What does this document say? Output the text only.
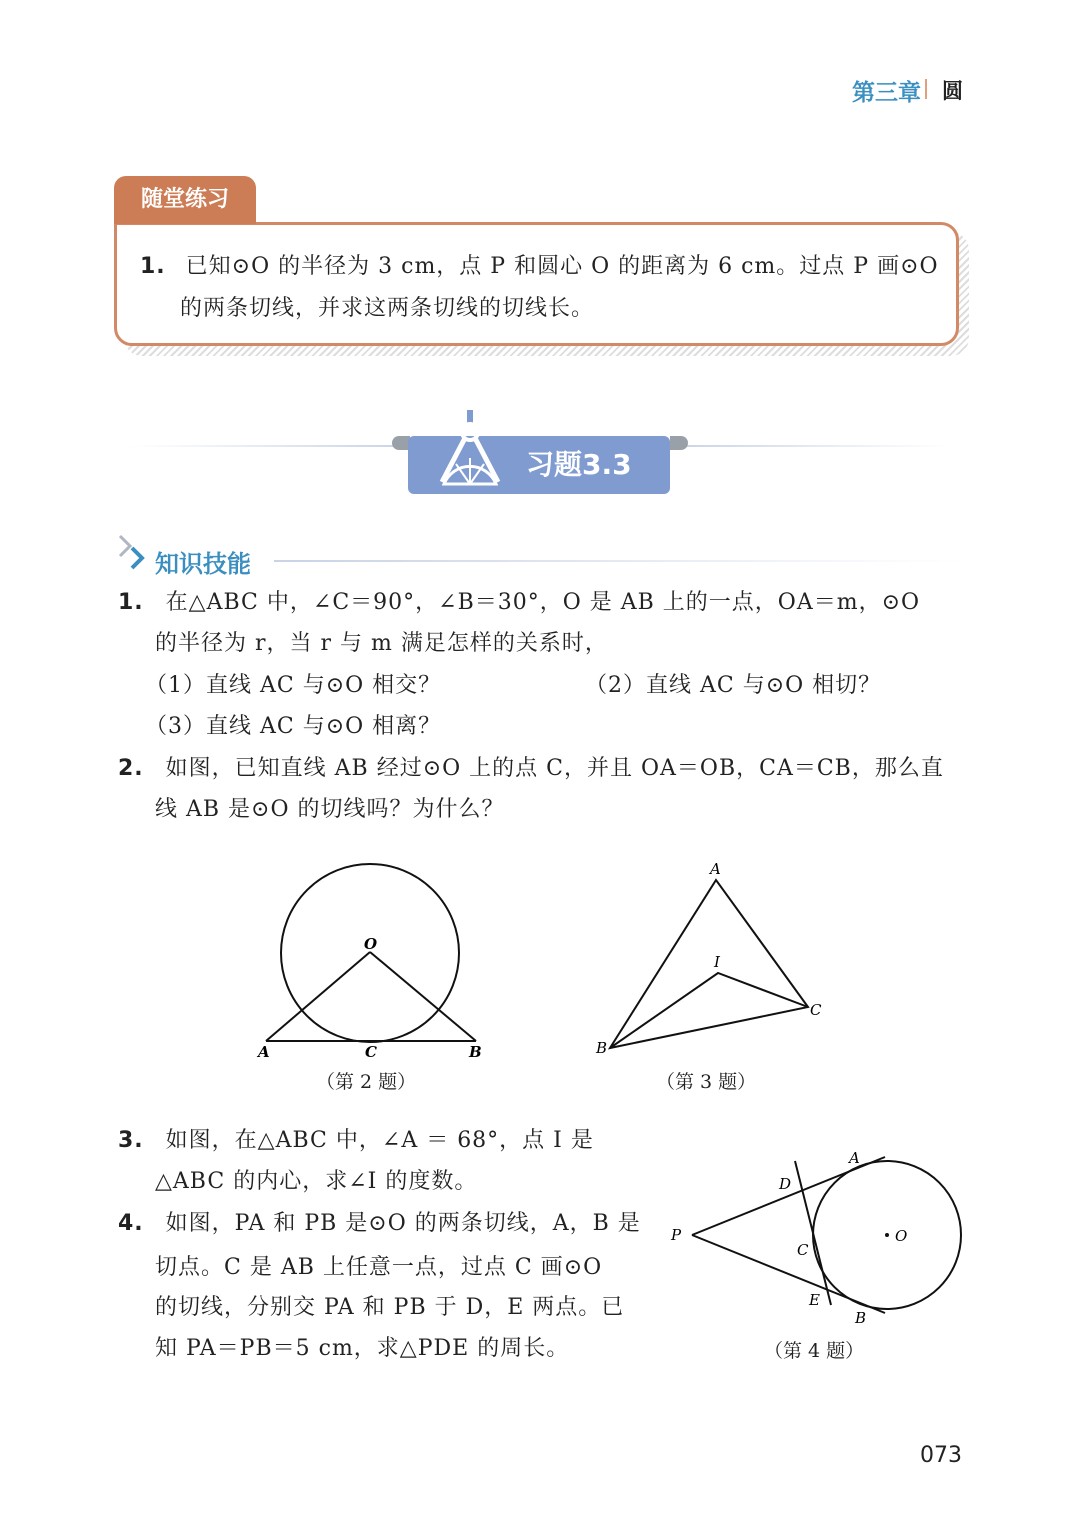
第三章 圆
随堂练习
1. 已知⊙O 的半径为 3 cm，点 P 和圆心 O 的距离为 6 cm。过点 P 画⊙O
的两条切线，并求这两条切线的切线长。
习题3.3
知识技能
1. 在△ABC 中，∠C＝90°，∠B＝30°，O 是 AB 上的一点，OA＝m，⊙O
的半径为 r，当 r 与 m 满足怎样的关系时，
（1）直线 AC 与⊙O 相交？	（2）直线 AC 与⊙O 相切？
（3）直线 AC 与⊙O 相离？
2. 如图，已知直线 AB 经过⊙O 上的点 C，并且 OA＝OB，CA＝CB，那么直
线 AB 是⊙O 的切线吗？为什么？
O
A	C	B
（第 2 题）
A
I
B
C
（第 3 题）
3. 如图，在△ABC 中，∠A ＝ 68°，点 I 是
△ABC 的内心，求∠I 的度数。
4. 如图，PA 和 PB 是⊙O 的两条切线，A，B 是
切点。C 是 AB 上任意一点，过点 C 画⊙O
的切线，分别交 PA 和 PB 于 D，E 两点。已
知 PA＝PB＝5 cm，求△PDE 的周长。
A
D
P	O
C
E
B
（第 4 题）
073
